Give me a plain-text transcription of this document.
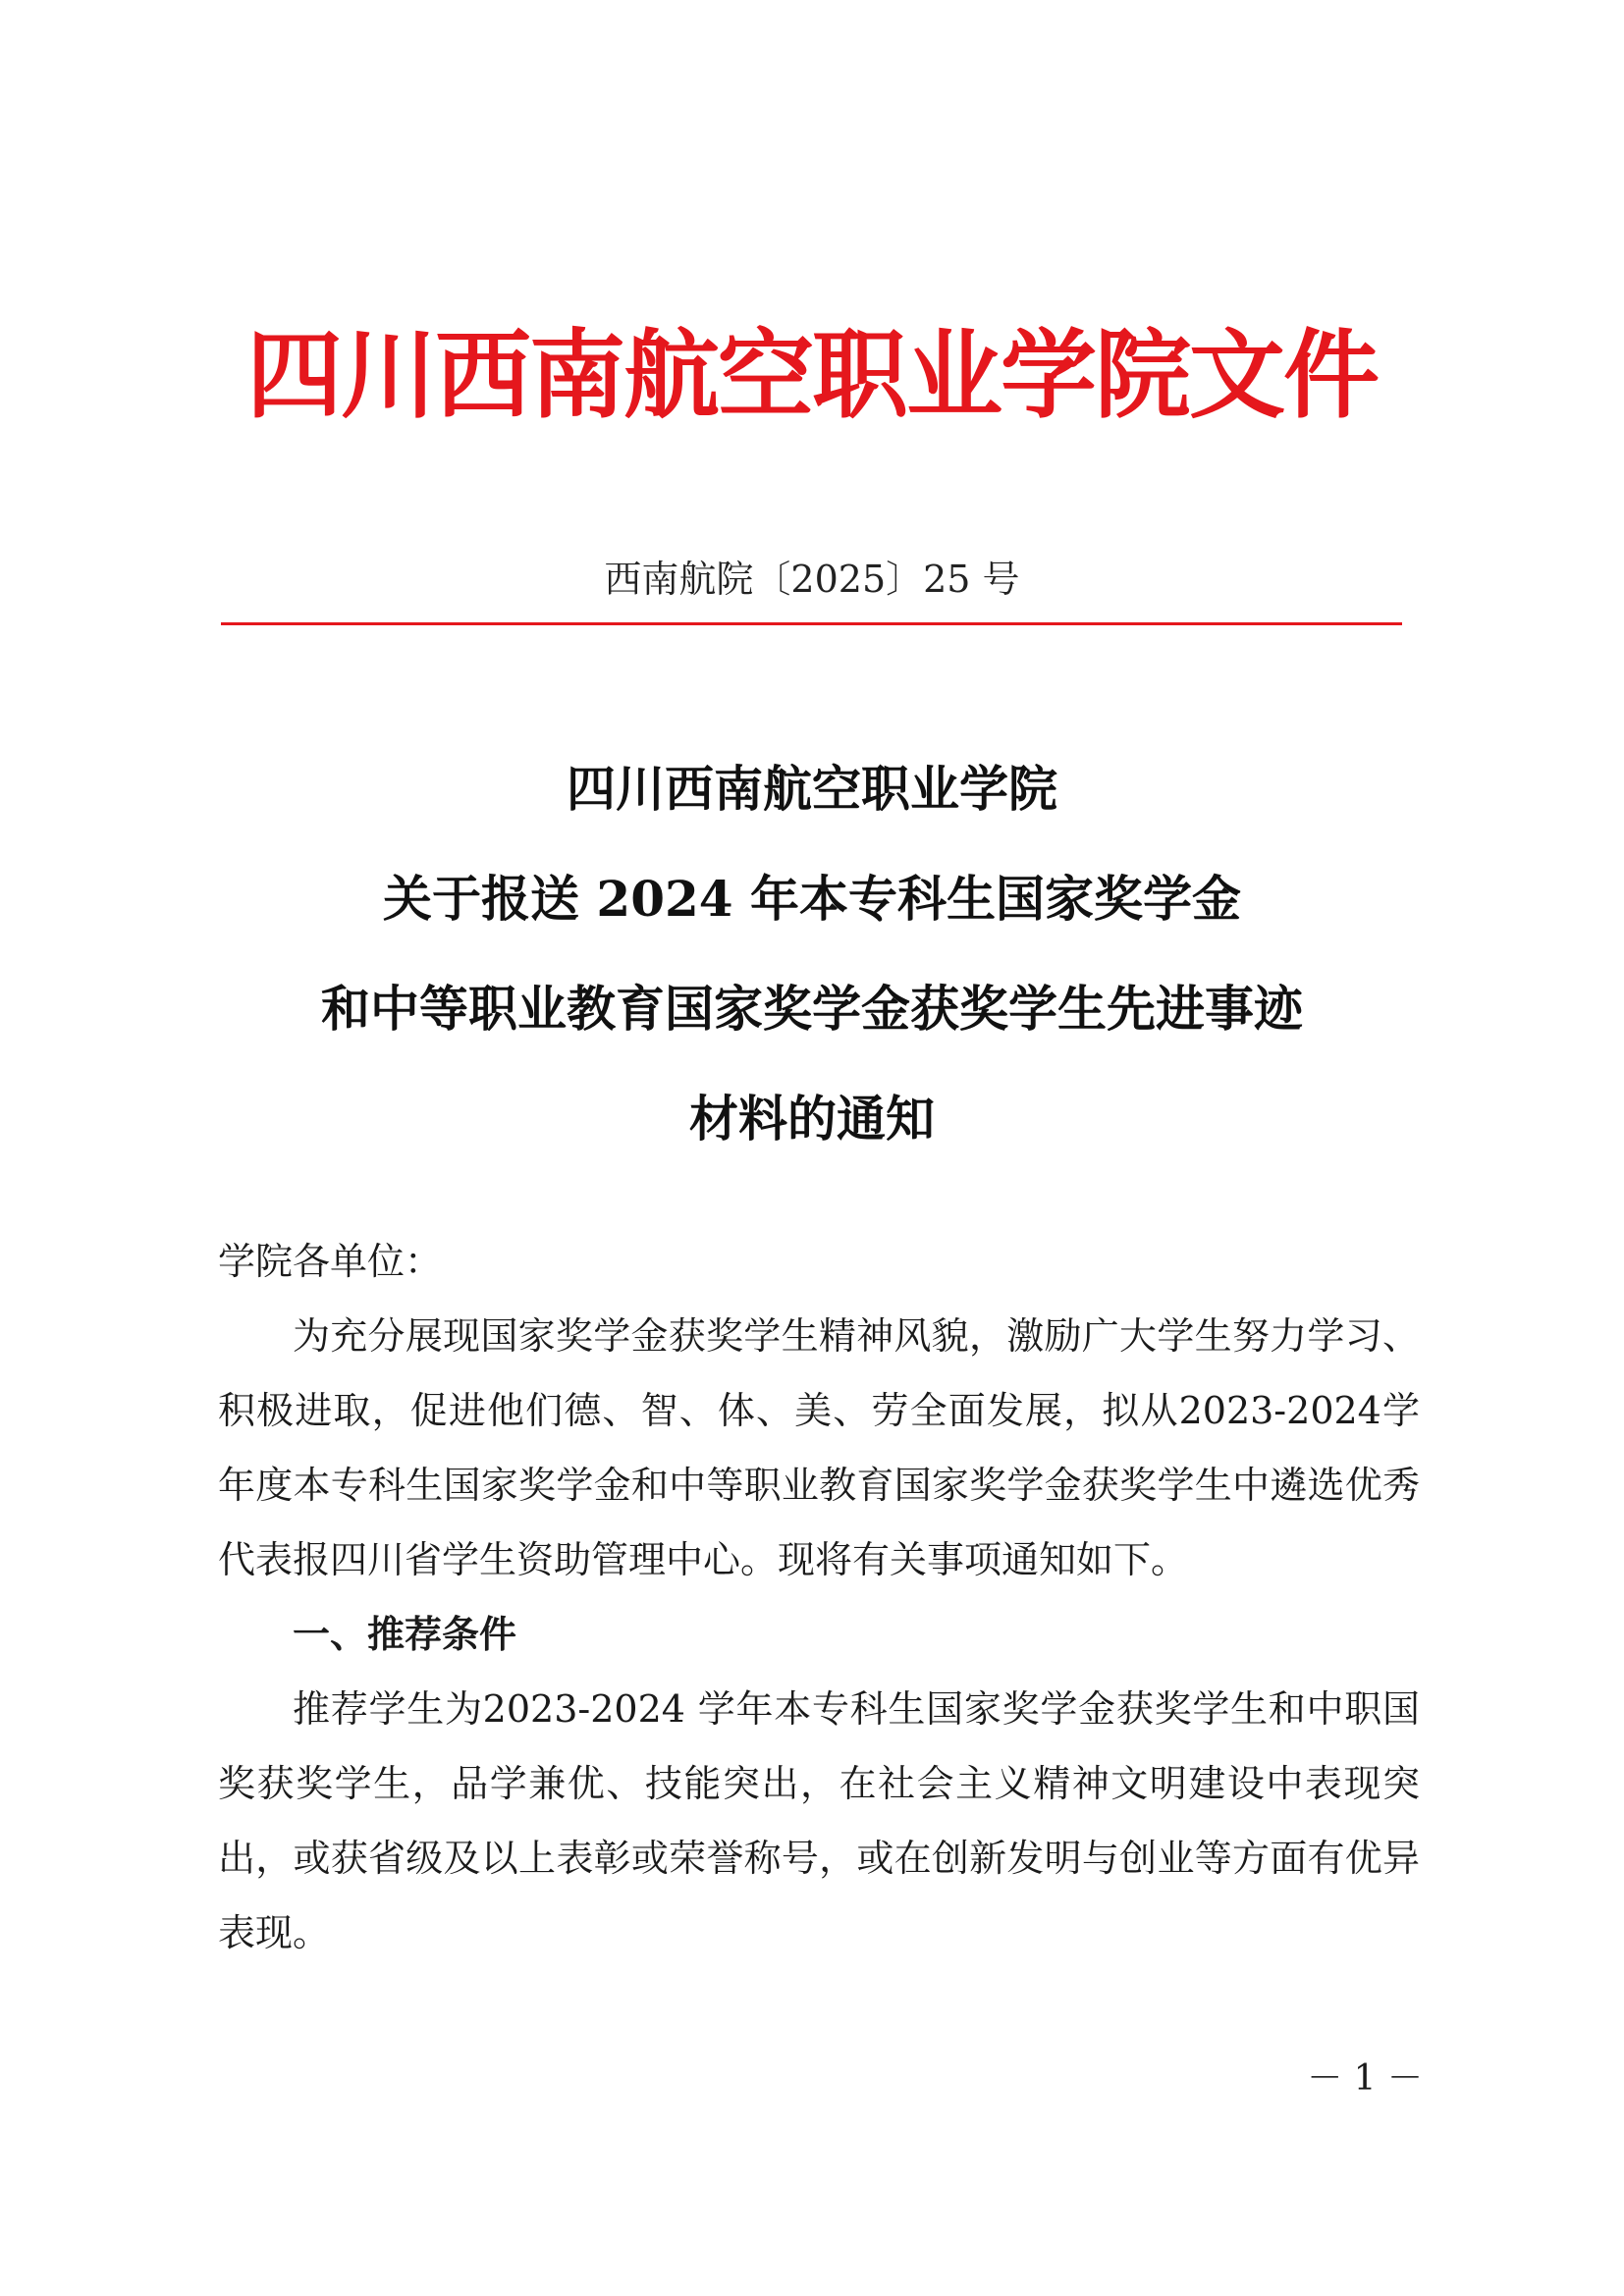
四川西南航空职业学院文件
西南航院〔2025〕25 号
四川西南航空职业学院
关于报送 2024 年本专科生国家奖学金
和中等职业教育国家奖学金获奖学生先进事迹
材料的通知

学院各单位：

为充分展现国家奖学金获奖学生精神风貌，激励广大学生努力学习、积极进取，促进他们德、智、体、美、劳全面发展，拟从2023-2024学年度本专科生国家奖学金和中等职业教育国家奖学金获奖学生中遴选优秀代表报四川省学生资助管理中心。现将有关事项通知如下。

一、推荐条件

推荐学生为2023-2024 学年本专科生国家奖学金获奖学生和中职国奖获奖学生，品学兼优、技能突出，在社会主义精神文明建设中表现突出，或获省级及以上表彰或荣誉称号，或在创新发明与创业等方面有优异表现。

－ 1 －
